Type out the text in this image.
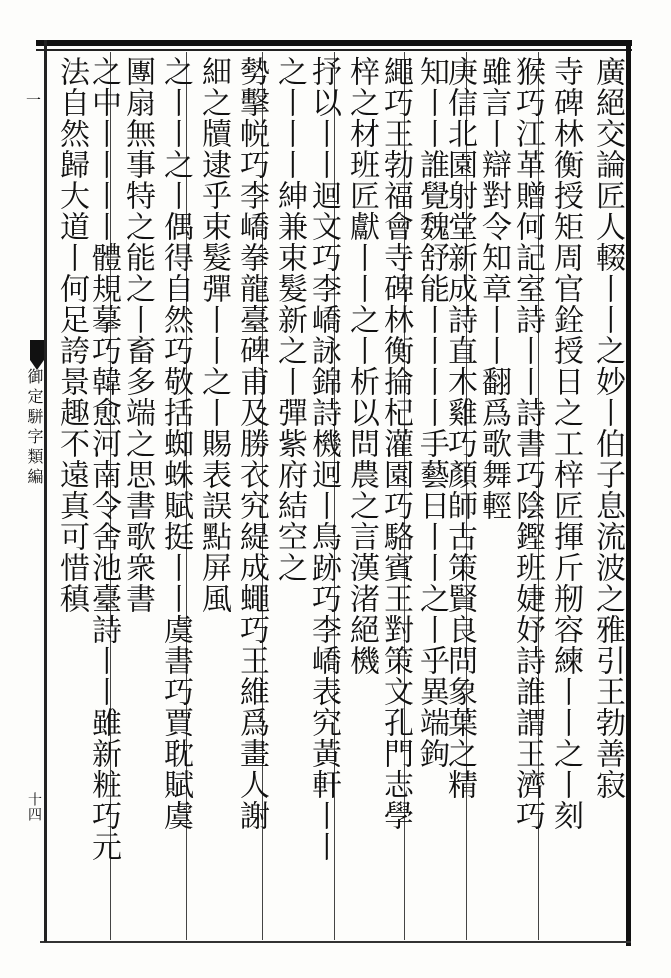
一
御定駢字類編
十四
廣絕交論匠人輟丨丨之妙丨伯子息流波之雅引王勃善寂
寺碑林衡授矩周官銓授日之工梓匠揮斤剏容練丨丨之丨刻
猴巧江革贈何記室詩丨丨詩書巧陰鏗班婕妤詩誰謂王濟巧
雖言丨辯對令知章丨丨翻爲歌舞輕
庚信北園射堂新成詩直木雞巧顏師古策賢良問象葉之精
知丨丨誰覺魏舒能丨丨丨丨手藝日丨丨之丨乎異端鉤
繩巧王勃福會寺碑林衡掄杞灌園巧駱賓王對策文孔門志學
梓之材班匠獻丨丨之丨析以問農之言漢渚絕機
抒以丨丨迴文巧李嶠詠錦詩機迥丨鳥跡巧李嶠表究黃軒丨丨
之丨丨丨紳兼束髮新之丨彈紫府結空之
勢擊帨巧李嶠拳龍臺碑甫及勝衣究緹成蠅巧王維爲畫人謝
細之牘逮乎束髮彈丨丨之丨賜表誤點屏風
之丨丨之丨偶得自然巧敬括蜘蛛賦挺丨丨虞書巧賈耽賦虞
團扇無事特之能之丨畜多端之思書歌衆書
之中丨丨丨丨體規摹巧韓愈河南令舍池臺詩丨丨雖新粧巧元
法自然歸大道丨何足誇景趣不遠真可惜稹
